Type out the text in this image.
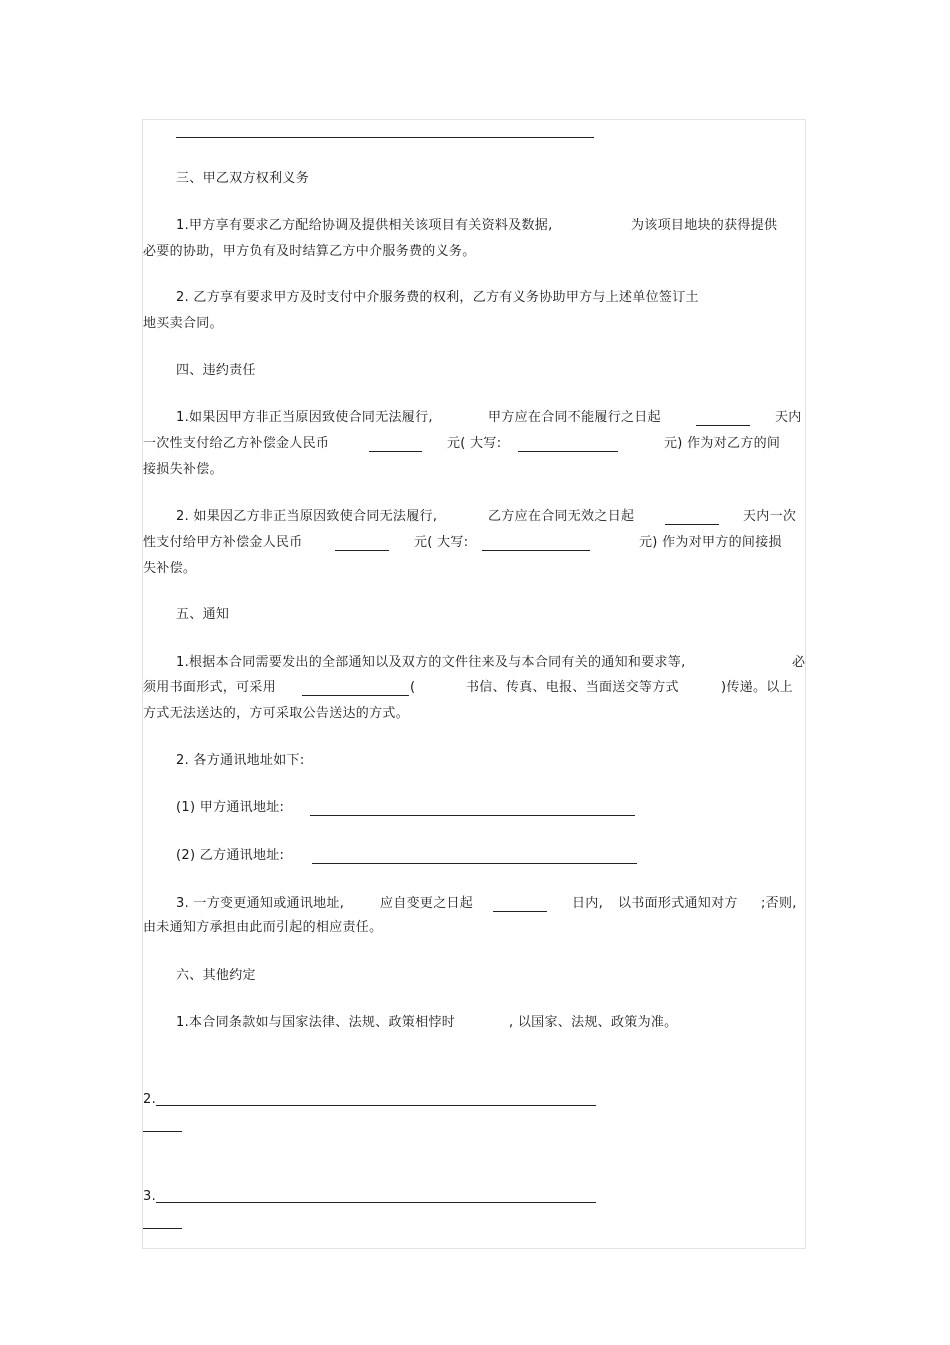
三、甲乙双方权利义务
1.甲方享有要求乙方配给协调及提供相关该项目有关资料及数据,	为该项目地块的获得提供
必要的协助，甲方负有及时结算乙方中介服务费的义务。
2. 乙方享有要求甲方及时支付中介服务费的权利，乙方有义务协助甲方与上述单位签订土
地买卖合同。
四、违约责任
1.如果因甲方非正当原因致使合同无法履行,	甲方应在合同不能履行之日起	天内
一次性支付给乙方补偿金人民币	元( 大写:	元) 作为对乙方的间
接损失补偿。
2. 如果因乙方非正当原因致使合同无法履行,	乙方应在合同无效之日起	天内一次
性支付给甲方补偿金人民币	元( 大写:	元) 作为对甲方的间接损
失补偿。
五、通知
1.根据本合同需要发出的全部通知以及双方的文件往来及与本合同有关的通知和要求等,	必
须用书面形式，可采用	(	书信、传真、电报、当面送交等方式	)传递。以上
方式无法送达的，方可采取公告送达的方式。
2. 各方通讯地址如下:
(1) 甲方通讯地址:
(2) 乙方通讯地址:
3. 一方变更通知或通讯地址,	应自变更之日起	日内, 以书面形式通知对方 ;否则,
由未通知方承担由此而引起的相应责任。
六、其他约定
1.本合同条款如与国家法律、法规、政策相悖时	, 以国家、法规、政策为准。
2.
3.
